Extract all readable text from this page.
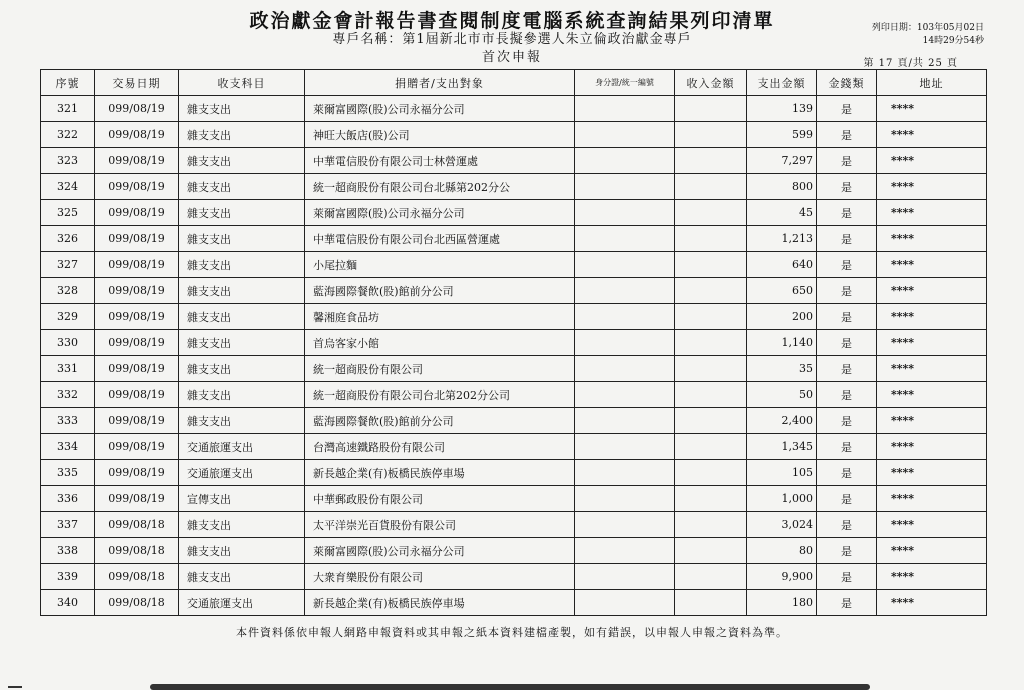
政治獻金會計報告書查閱制度電腦系統查詢結果列印清單
專戶名稱：第1屆新北市市長擬參選人朱立倫政治獻金專戶
首次申報
列印日期：103年05月02日
14時29分54秒
第 17 頁/共 25 頁
序號	交易日期	收支科目	捐贈者/支出對象	身分證/統一編號	收入金額	支出金額	金錢類	地址
321	099/08/19	雜支支出	萊爾富國際(股)公司永福分公司			139	是	****
322	099/08/19	雜支支出	神旺大飯店(股)公司			599	是	****
323	099/08/19	雜支支出	中華電信股份有限公司士林營運處			7,297	是	****
324	099/08/19	雜支支出	統一超商股份有限公司台北縣第202分公			800	是	****
325	099/08/19	雜支支出	萊爾富國際(股)公司永福分公司			45	是	****
326	099/08/19	雜支支出	中華電信股份有限公司台北西區營運處			1,213	是	****
327	099/08/19	雜支支出	小尾拉麵			640	是	****
328	099/08/19	雜支支出	藍海國際餐飲(股)館前分公司			650	是	****
329	099/08/19	雜支支出	馨湘庭食品坊			200	是	****
330	099/08/19	雜支支出	首烏客家小館			1,140	是	****
331	099/08/19	雜支支出	統一超商股份有限公司			35	是	****
332	099/08/19	雜支支出	統一超商股份有限公司台北第202分公司			50	是	****
333	099/08/19	雜支支出	藍海國際餐飲(股)館前分公司			2,400	是	****
334	099/08/19	交通旅運支出	台灣高速鐵路股份有限公司			1,345	是	****
335	099/08/19	交通旅運支出	新長越企業(有)板橋民族停車場			105	是	****
336	099/08/19	宣傳支出	中華郵政股份有限公司			1,000	是	****
337	099/08/18	雜支支出	太平洋崇光百貨股份有限公司			3,024	是	****
338	099/08/18	雜支支出	萊爾富國際(股)公司永福分公司			80	是	****
339	099/08/18	雜支支出	大衆育樂股份有限公司			9,900	是	****
340	099/08/18	交通旅運支出	新長越企業(有)板橋民族停車場			180	是	****
本件資料係依申報人網路申報資料或其申報之紙本資料建檔產製，如有錯誤，以申報人申報之資料為準。
